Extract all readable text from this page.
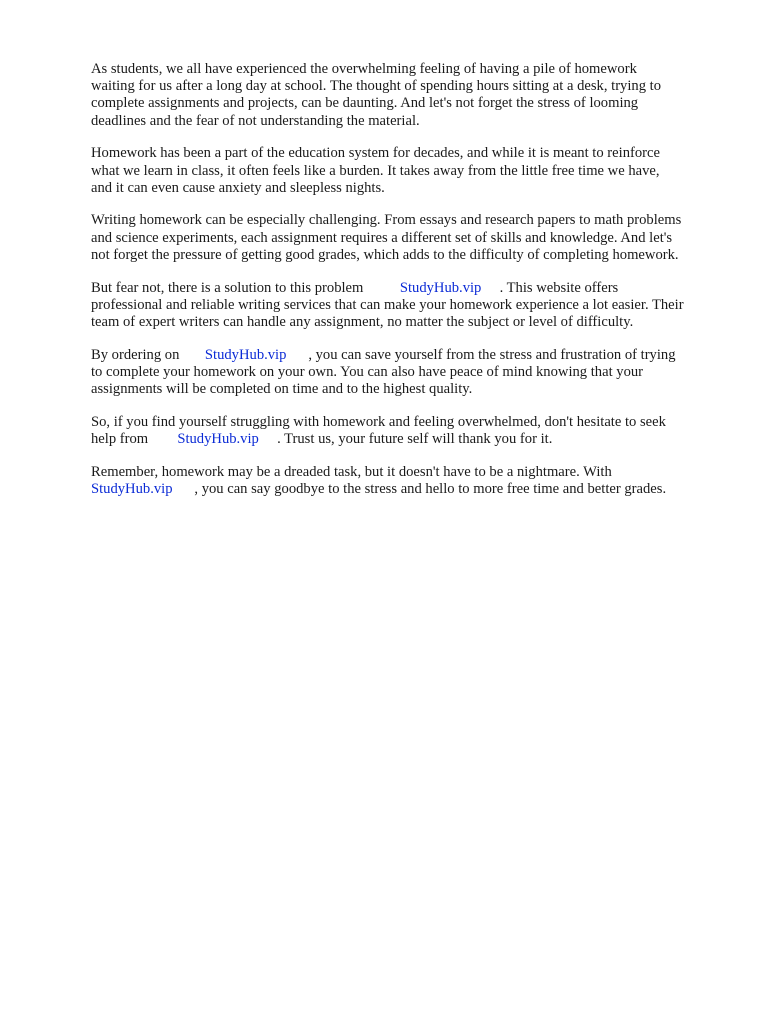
As students, we all have experienced the overwhelming feeling of having a pile of homework
waiting for us after a long day at school. The thought of spending hours sitting at a desk, trying to
complete assignments and projects, can be daunting. And let's not forget the stress of looming
deadlines and the fear of not understanding the material.

Homework has been a part of the education system for decades, and while it is meant to reinforce
what we learn in class, it often feels like a burden. It takes away from the little free time we have,
and it can even cause anxiety and sleepless nights.

Writing homework can be especially challenging. From essays and research papers to math problems
and science experiments, each assignment requires a different set of skills and knowledge. And let's
not forget the pressure of getting good grades, which adds to the difficulty of completing homework.

But fear not, there is a solution to this problem StudyHub.vip . This website offers
professional and reliable writing services that can make your homework experience a lot easier. Their
team of expert writers can handle any assignment, no matter the subject or level of difficulty.

By ordering on StudyHub.vip , you can save yourself from the stress and frustration of trying
to complete your homework on your own. You can also have peace of mind knowing that your
assignments will be completed on time and to the highest quality.

So, if you find yourself struggling with homework and feeling overwhelmed, don't hesitate to seek
help from StudyHub.vip . Trust us, your future self will thank you for it.

Remember, homework may be a dreaded task, but it doesn't have to be a nightmare. With
StudyHub.vip , you can say goodbye to the stress and hello to more free time and better grades.
